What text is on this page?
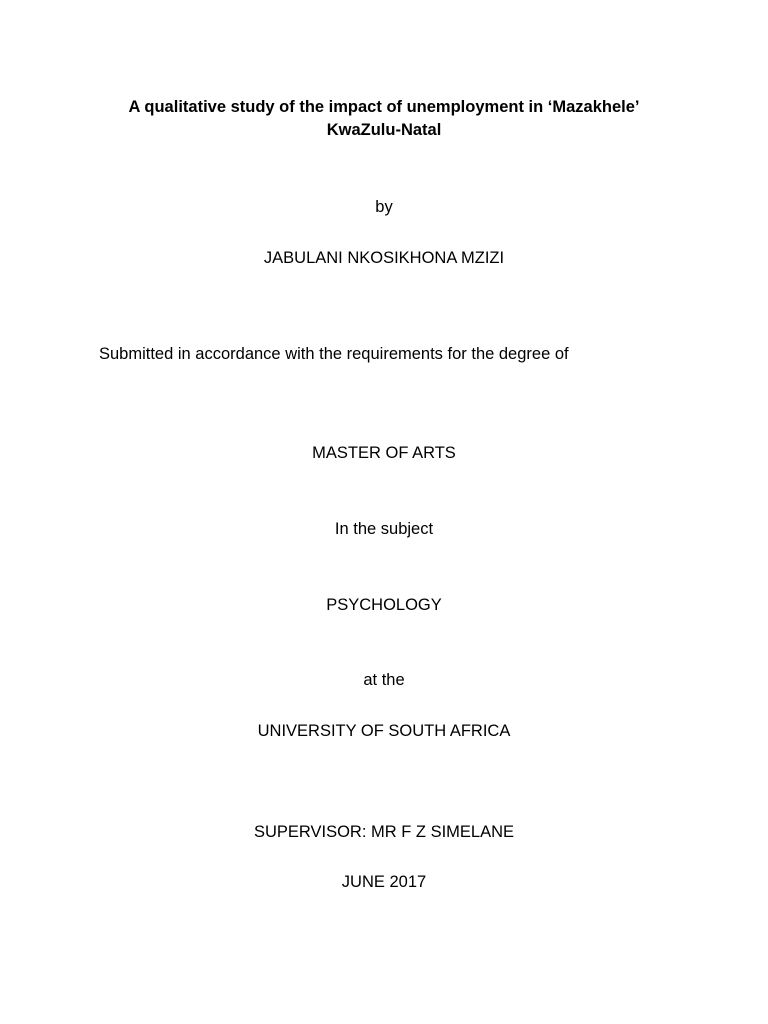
A qualitative study of the impact of unemployment in ‘Mazakhele’
KwaZulu-Natal
by
JABULANI NKOSIKHONA MZIZI
Submitted in accordance with the requirements for the degree of
MASTER OF ARTS
In the subject
PSYCHOLOGY
at the
UNIVERSITY OF SOUTH AFRICA
SUPERVISOR: MR F Z SIMELANE
JUNE 2017
